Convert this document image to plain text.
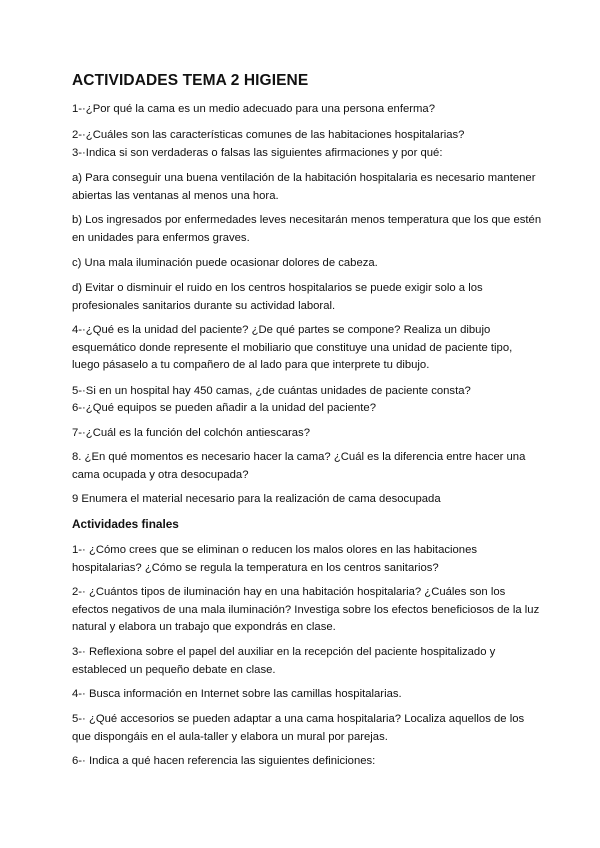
ACTIVIDADES TEMA 2 HIGIENE
1-·¿Por qué la cama es un medio adecuado para una persona enferma?
2-·¿Cuáles son las características comunes de las habitaciones hospitalarias?
3-·Indica si son verdaderas o falsas las siguientes afirmaciones y por qué:
a) Para conseguir una buena ventilación de la habitación hospitalaria es necesario mantener abiertas las ventanas al menos una hora.
b) Los ingresados por enfermedades leves necesitarán menos temperatura que los que estén en unidades para enfermos graves.
c) Una mala iluminación puede ocasionar dolores de cabeza.
d) Evitar o disminuir el ruido en los centros hospitalarios se puede exigir solo a los profesionales sanitarios durante su actividad laboral.
4-·¿Qué es la unidad del paciente? ¿De qué partes se compone? Realiza un dibujo esquemático donde represente el mobiliario que constituye una unidad de paciente tipo, luego pásaselo a tu compañero de al lado para que interprete tu dibujo.
5-·Si en un hospital hay 450 camas, ¿de cuántas unidades de paciente consta?
6-·¿Qué equipos se pueden añadir a la unidad del paciente?
7-·¿Cuál es la función del colchón antiescaras?
8. ¿En qué momentos es necesario hacer la cama? ¿Cuál es la diferencia entre hacer una cama ocupada y otra desocupada?
9 Enumera el material necesario para la realización de cama desocupada
Actividades finales
1-· ¿Cómo crees que se eliminan o reducen los malos olores en las habitaciones hospitalarias? ¿Cómo se regula la temperatura en los centros sanitarios?
2-· ¿Cuántos tipos de iluminación hay en una habitación hospitalaria? ¿Cuáles son los efectos negativos de una mala iluminación? Investiga sobre los efectos beneficiosos de la luz natural y elabora un trabajo que expondrás en clase.
3-· Reflexiona sobre el papel del auxiliar en la recepción del paciente hospitalizado y estableced un pequeño debate en clase.
4-· Busca información en Internet sobre las camillas hospitalarias.
5-· ¿Qué accesorios se pueden adaptar a una cama hospitalaria? Localiza aquellos de los que dispongáis en el aula-taller y elabora un mural por parejas.
6-· Indica a qué hacen referencia las siguientes definiciones:
